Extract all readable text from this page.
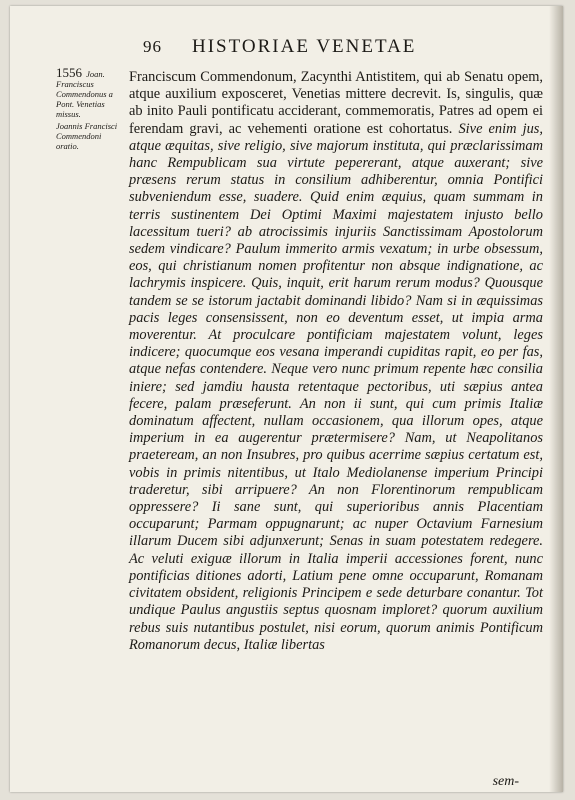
96 HISTORIAE VENETAE
1556 Joan. Franciscus Commendonus a Pont. Venetias missus.
Joannis Francisci Commendoni oratio.
Franciscum Commendonum, Zacynthi Antistitem, qui ab Senatu opem, atque auxilium exposceret, Venetias mittere decrevit. Is, singulis, quæ ab inito Pauli pontificatu acciderant, commemoratis, Patres ad opem ei ferendam gravi, ac vehementi oratione est cohortatus. Sive enim jus, atque æquitas, sive religio, sive majorum instituta, qui præclarissimam hanc Rempublicam sua virtute pepererant, atque auxerant; sive præsens rerum status in consilium adhiberentur, omnia Pontifici subveniendum esse, suadere. Quid enim æquius, quam summam in terris sustinentem Dei Optimi Maximi majestatem injusto bello lacessitum tueri? ab atrocissimis injuriis Sanctissimam Apostolorum sedem vindicare? Paulum immerito armis vexatum; in urbe obsessum, eos, qui christianum nomen profitentur non absque indignatione, ac lachrymis inspicere. Quis, inquit, erit harum rerum modus? Quousque tandem se se istorum jactabit dominandi libido? Nam si in æquissimas pacis leges consensissent, non eo deventum esset, ut impia arma moverentur. At proculcare pontificiam majestatem volunt, leges indicere; quocumque eos vesana imperandi cupiditas rapit, eo per fas, atque nefas contendere. Neque vero nunc primum repente hæc consilia iniere; sed jamdiu hausta retentaque pectoribus, uti sæpius antea fecere, palam præseferunt. An non ii sunt, qui cum primis Italiæ dominatum affectent, nullam occasionem, qua illorum opes, atque imperium in ea augerentur prætermisere? Nam, ut Neapolitanos praeteream, an non Insubres, pro quibus acerrime sæpius certatum est, vobis in primis nitentibus, ut Italo Mediolanense imperium Principi traderetur, sibi arripuere? An non Florentinorum rempublicam oppressere? Ii sane sunt, qui superioribus annis Placentiam occuparunt; Parmam oppugnarunt; ac nuper Octavium Farnesium illarum Ducem sibi adjunxerunt; Senas in suam potestatem redegere. Ac veluti exiguæ illorum in Italia imperii accessiones forent, nunc pontificias ditiones adorti, Latium pene omne occuparunt, Romanam civitatem obsident, religionis Principem e sede deturbare conantur. Tot undique Paulus angustiis septus quosnam imploret? quorum auxilium rebus suis nutantibus postulet, nisi eorum, quorum animis Pontificum Romanorum decus, Italiæ libertas
sem-
